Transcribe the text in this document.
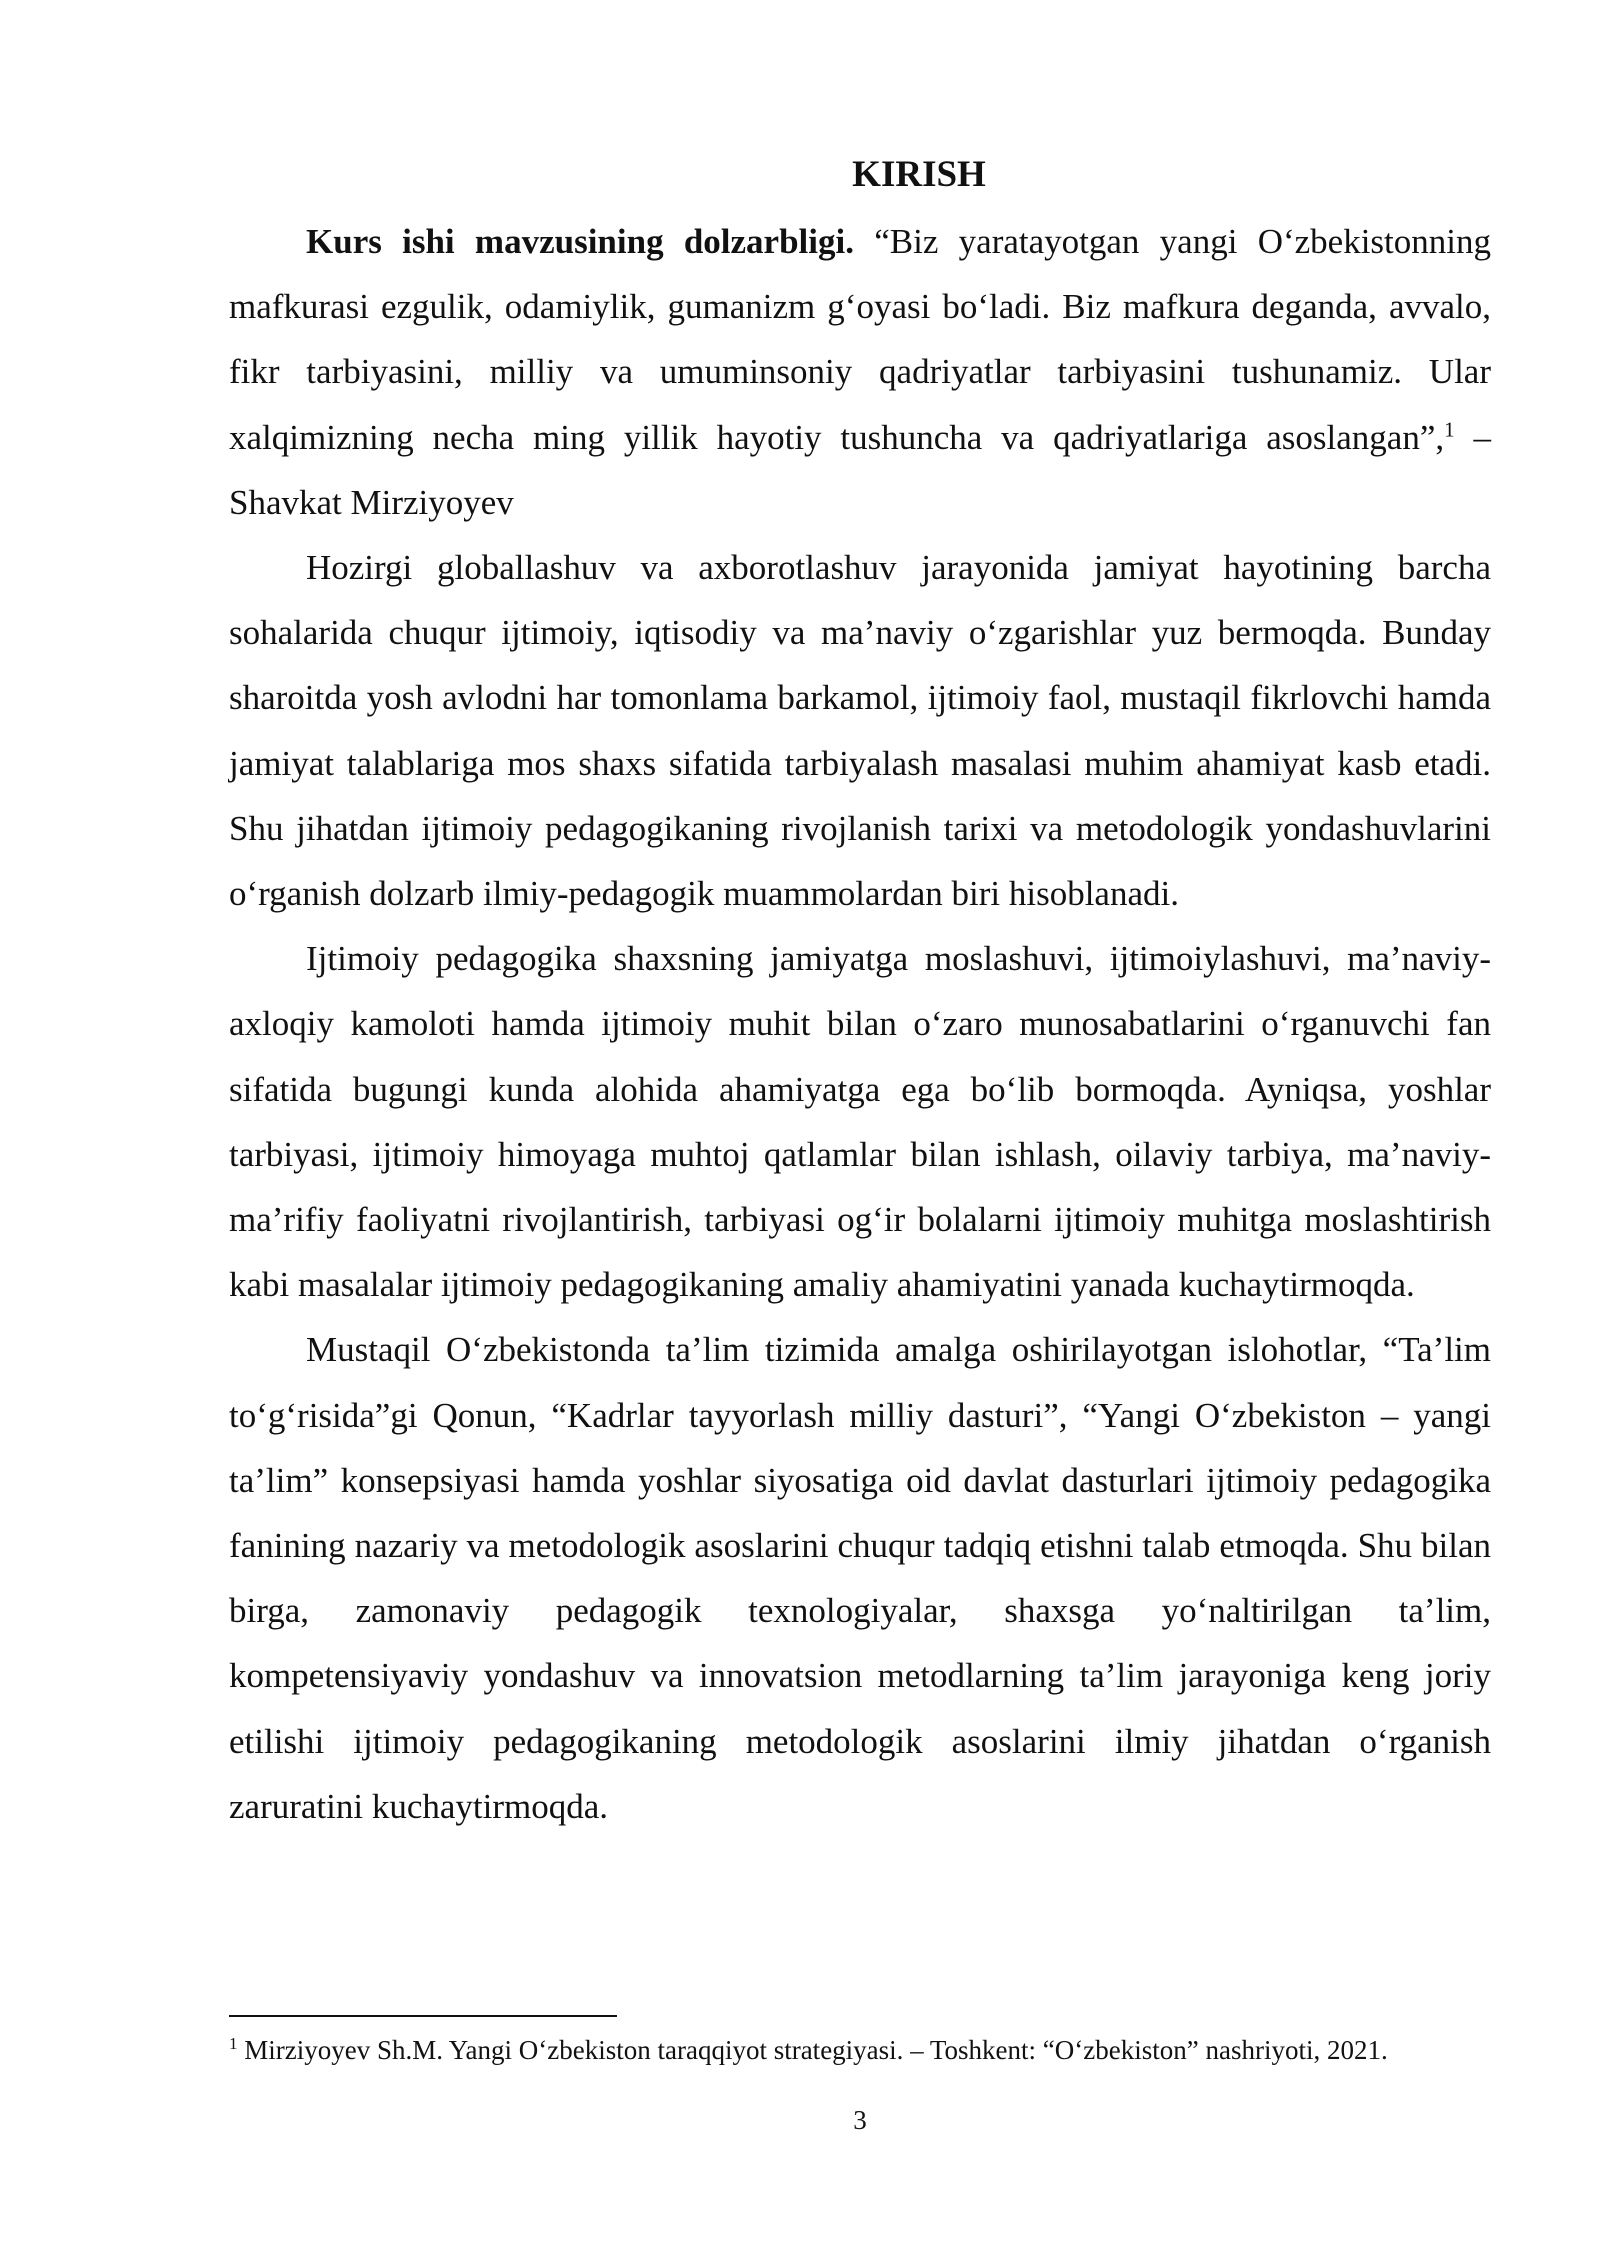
KIRISH

Kurs ishi mavzusining dolzarbligi. “Biz yaratayotgan yangi O‘zbekistonning mafkurasi ezgulik, odamiylik, gumanizm g‘oyasi bo‘ladi. Biz mafkura deganda, avvalo, fikr tarbiyasini, milliy va umuminsoniy qadriyatlar tarbiyasini tushunamiz. Ular xalqimizning necha ming yillik hayotiy tushuncha va qadriyatlariga asoslangan”,$^1$ – Shavkat Mirziyoyev

Hozirgi globallashuv va axborotlashuv jarayonida jamiyat hayotining barcha sohalarida chuqur ijtimoiy, iqtisodiy va ma’naviy o‘zgarishlar yuz bermoqda. Bunday sharoitda yosh avlodni har tomonlama barkamol, ijtimoiy faol, mustaqil fikrlovchi hamda jamiyat talablariga mos shaxs sifatida tarbiyalash masalasi muhim ahamiyat kasb etadi. Shu jihatdan ijtimoiy pedagogikaning rivojlanish tarixi va metodologik yondashuvlarini o‘rganish dolzarb ilmiy-pedagogik muammolardan biri hisoblanadi.

Ijtimoiy pedagogika shaxsning jamiyatga moslashuvi, ijtimoiylashuvi, ma’naviy-axloqiy kamoloti hamda ijtimoiy muhit bilan o‘zaro munosabatlarini o‘rganuvchi fan sifatida bugungi kunda alohida ahamiyatga ega bo‘lib bormoqda. Ayniqsa, yoshlar tarbiyasi, ijtimoiy himoyaga muhtoj qatlamlar bilan ishlash, oilaviy tarbiya, ma’naviy-ma’rifiy faoliyatni rivojlantirish, tarbiyasi og‘ir bolalarni ijtimoiy muhitga moslashtirish kabi masalalar ijtimoiy pedagogikaning amaliy ahamiyatini yanada kuchaytirmoqda.

Mustaqil O‘zbekistonda ta’lim tizimida amalga oshirilayotgan islohotlar, “Ta’lim to‘g‘risida”gi Qonun, “Kadrlar tayyorlash milliy dasturi”, “Yangi O‘zbekiston – yangi ta’lim” konsepsiyasi hamda yoshlar siyosatiga oid davlat dasturlari ijtimoiy pedagogika fanining nazariy va metodologik asoslarini chuqur tadqiq etishni talab etmoqda. Shu bilan birga, zamonaviy pedagogik texnologiyalar, shaxsga yo‘naltirilgan ta’lim, kompetensiyaviy yondashuv va innovatsion metodlarning ta’lim jarayoniga keng joriy etilishi ijtimoiy pedagogikaning metodologik asoslarini ilmiy jihatdan o‘rganish zaruratini kuchaytirmoqda.

$^1$ Mirziyoyev Sh.M. Yangi O‘zbekiston taraqqiyot strategiyasi. – Toshkent: “O‘zbekiston” nashriyoti, 2021.

3
